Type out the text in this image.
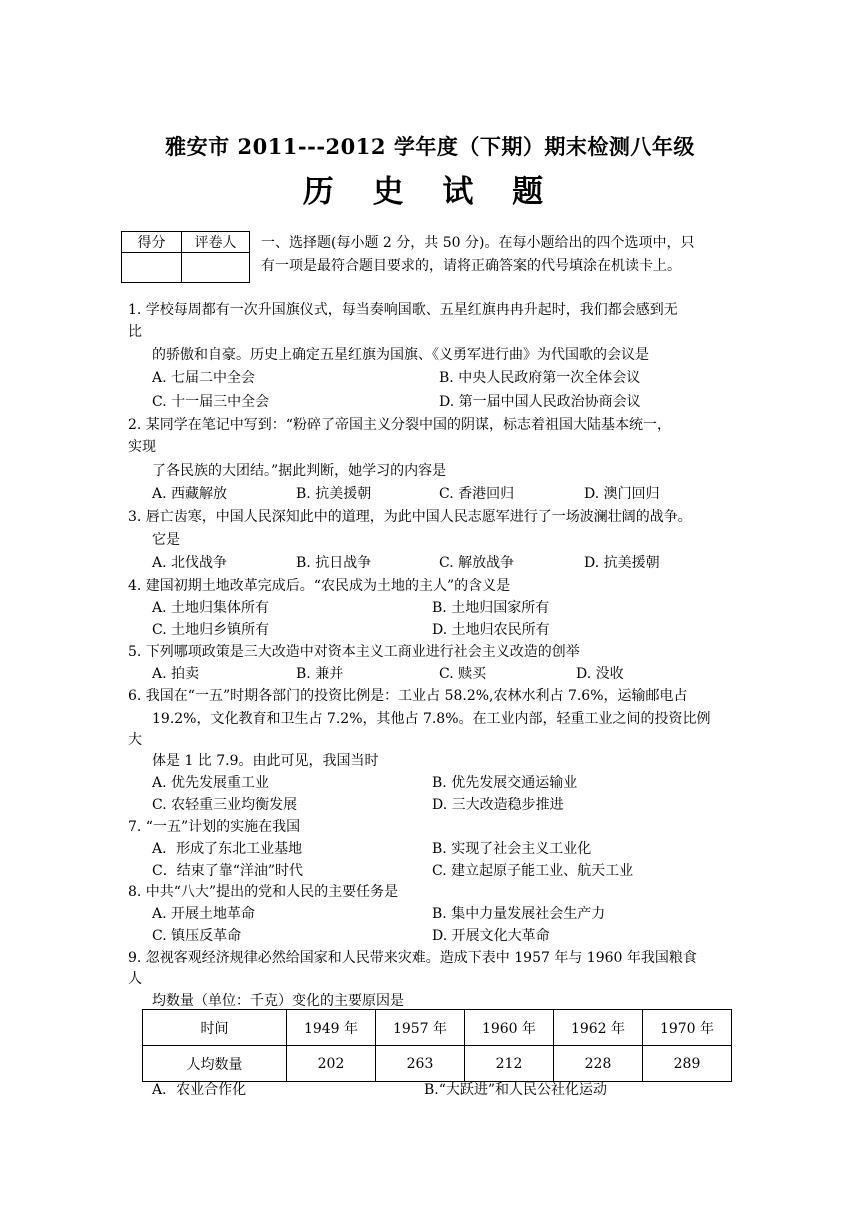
雅安市 2011---2012 学年度（下期）期末检测八年级
历 史 试 题
得分	评卷人
	一、选择题(每小题 2 分，共 50 分)。在每小题给出的四个选项中，只
有一项是最符合题目要求的，请将正确答案的代号填涂在机读卡上。
1. 学校每周都有一次升国旗仪式，每当奏响国歌、五星红旗冉冉升起时，我们都会感到无
比
的骄傲和自豪。历史上确定五星红旗为国旗、《义勇军进行曲》为代国歌的会议是
A. 七届二中全会	B. 中央人民政府第一次全体会议
C. 十一届三中全会	D. 第一届中国人民政治协商会议
2. 某同学在笔记中写到：“粉碎了帝国主义分裂中国的阴谋，标志着祖国大陆基本统一，
实现
了各民族的大团结。”据此判断，她学习的内容是
A. 西藏解放	B. 抗美援朝	C. 香港回归	D. 澳门回归
3. 唇亡齿寒，中国人民深知此中的道理，为此中国人民志愿军进行了一场波澜壮阔的战争。
它是
A. 北伐战争	B. 抗日战争	C. 解放战争	D. 抗美援朝
4. 建国初期土地改革完成后。“农民成为土地的主人”的含义是
A. 土地归集体所有	B. 土地归国家所有
C. 土地归乡镇所有	D. 土地归农民所有
5. 下列哪项政策是三大改造中对资本主义工商业进行社会主义改造的创举
A. 拍卖	B. 兼并	C. 赎买	D. 没收
6. 我国在“一五”时期各部门的投资比例是：工业占 58.2%,农林水利占 7.6%，运输邮电占
19.2%，文化教育和卫生占 7.2%，其他占 7.8%。在工业内部，轻重工业之间的投资比例
大
体是 1 比 7.9。由此可见，我国当时
A. 优先发展重工业	B. 优先发展交通运输业
C. 农轻重三业均衡发展	D. 三大改造稳步推进
7. “一五”计划的实施在我国
A．形成了东北工业基地	B. 实现了社会主义工业化
C．结束了靠“洋油”时代	C. 建立起原子能工业、航天工业
8. 中共“八大”提出的党和人民的主要任务是
A. 开展土地革命	B. 集中力量发展社会生产力
C. 镇压反革命	D. 开展文化大革命
9. 忽视客观经济规律必然给国家和人民带来灾难。造成下表中 1957 年与 1960 年我国粮食
人
均数量（单位：千克）变化的主要原因是
时间	1949 年	1957 年	1960 年	1962 年	1970 年
人均数量	202	263	212	228	289
A．农业合作化	B.“大跃进”和人民公社化运动
